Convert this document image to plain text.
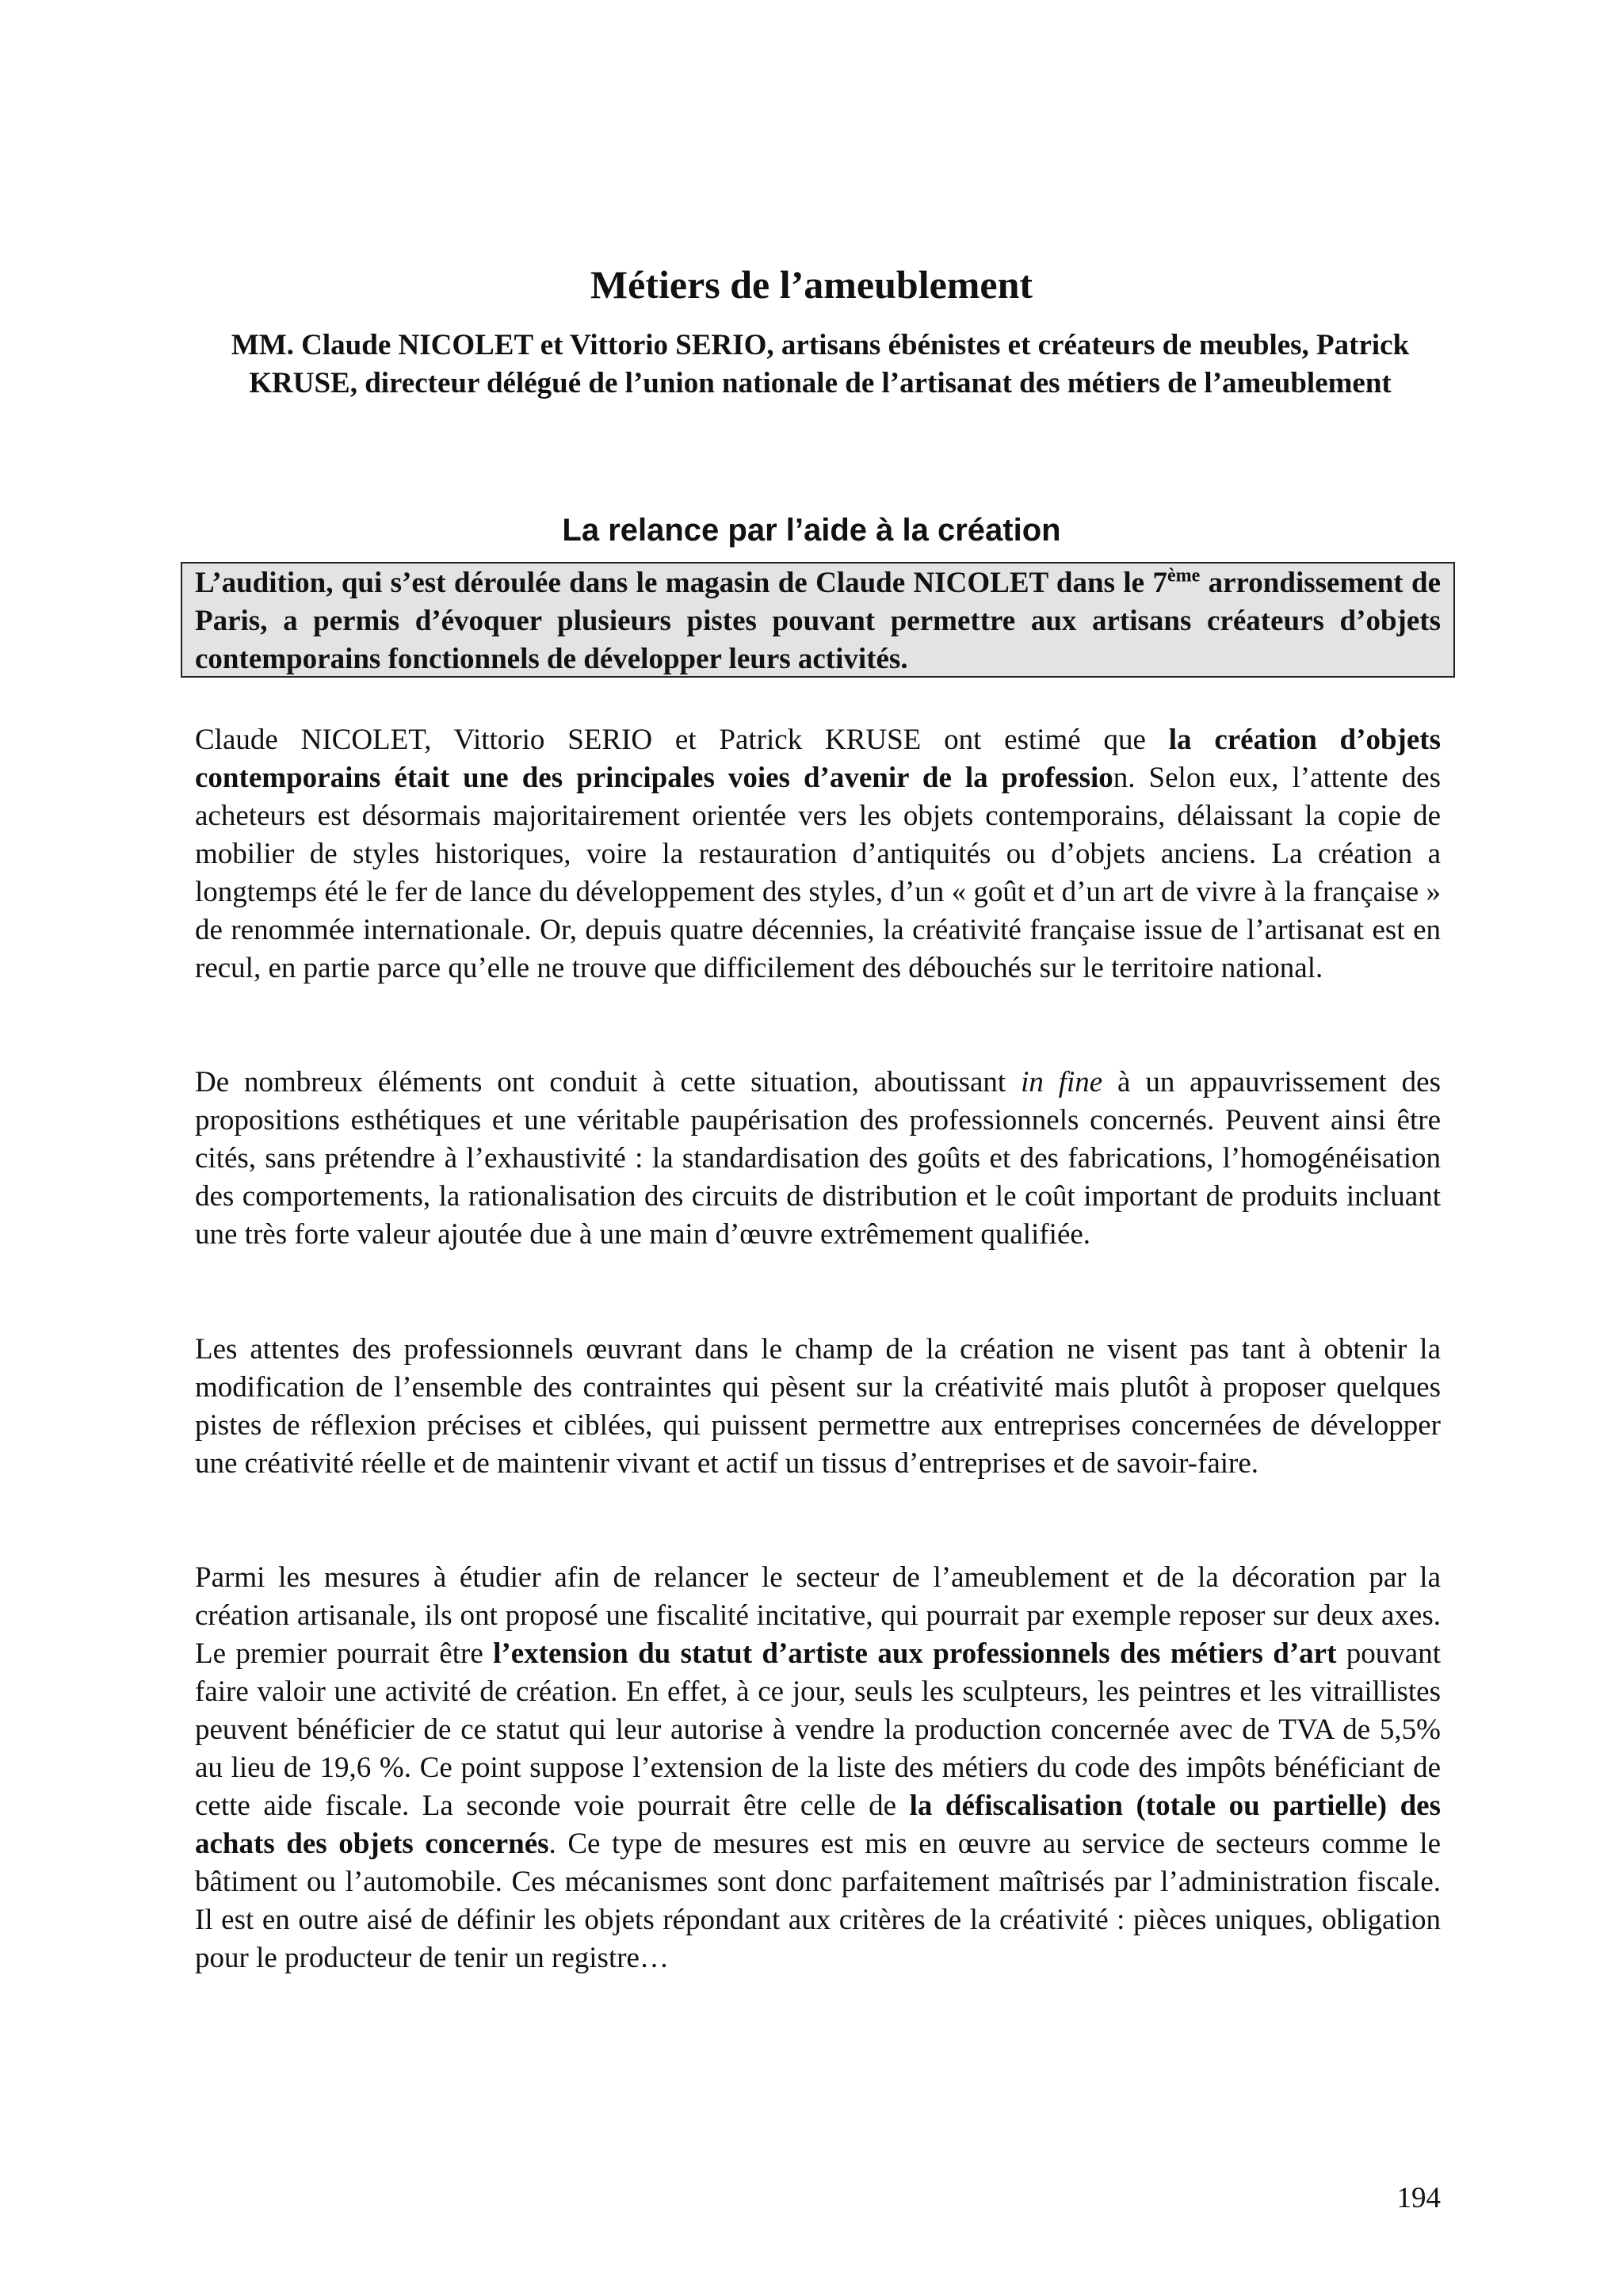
Métiers de l’ameublement
MM. Claude NICOLET et Vittorio SERIO, artisans ébénistes et créateurs de meubles, Patrick KRUSE, directeur délégué de l’union nationale de l’artisanat des métiers de l’ameublement
La relance par l’aide à la création
L’audition, qui s’est déroulée dans le magasin de Claude NICOLET dans le 7ème arrondissement de Paris, a permis d’évoquer plusieurs pistes pouvant permettre aux artisans créateurs d’objets contemporains fonctionnels de développer leurs activités.

Claude NICOLET, Vittorio SERIO et Patrick KRUSE ont estimé que la création d’objets contemporains était une des principales voies d’avenir de la profession. Selon eux, l’attente des acheteurs est désormais majoritairement orientée vers les objets contemporains, délaissant la copie de mobilier de styles historiques, voire la restauration d’antiquités ou d’objets anciens. La création a longtemps été le fer de lance du développement des styles, d’un « goût et d’un art de vivre à la française » de renommée internationale. Or, depuis quatre décennies, la créativité française issue de l’artisanat est en recul, en partie parce qu’elle ne trouve que difficilement des débouchés sur le territoire national.

De nombreux éléments ont conduit à cette situation, aboutissant in fine à un appauvrissement des propositions esthétiques et une véritable paupérisation des professionnels concernés. Peuvent ainsi être cités, sans prétendre à l’exhaustivité : la standardisation des goûts et des fabrications, l’homogénéisation des comportements, la rationalisation des circuits de distribution et le coût important de produits incluant une très forte valeur ajoutée due à une main d’œuvre extrêmement qualifiée.

Les attentes des professionnels œuvrant dans le champ de la création ne visent pas tant à obtenir la modification de l’ensemble des contraintes qui pèsent sur la créativité mais plutôt à proposer quelques pistes de réflexion précises et ciblées, qui puissent permettre aux entreprises concernées de développer une créativité réelle et de maintenir vivant et actif un tissus d’entreprises et de savoir-faire.

Parmi les mesures à étudier afin de relancer le secteur de l’ameublement et de la décoration par la création artisanale, ils ont proposé une fiscalité incitative, qui pourrait par exemple reposer sur deux axes. Le premier pourrait être l’extension du statut d’artiste aux professionnels des métiers d’art pouvant faire valoir une activité de création. En effet, à ce jour, seuls les sculpteurs, les peintres et les vitraillistes peuvent bénéficier de ce statut qui leur autorise à vendre la production concernée avec de TVA de 5,5% au lieu de 19,6 %. Ce point suppose l’extension de la liste des métiers du code des impôts bénéficiant de cette aide fiscale. La seconde voie pourrait être celle de la défiscalisation (totale ou partielle) des achats des objets concernés. Ce type de mesures est mis en œuvre au service de secteurs comme le bâtiment ou l’automobile. Ces mécanismes sont donc parfaitement maîtrisés par l’administration fiscale. Il est en outre aisé de définir les objets répondant aux critères de la créativité : pièces uniques, obligation pour le producteur de tenir un registre…

194
